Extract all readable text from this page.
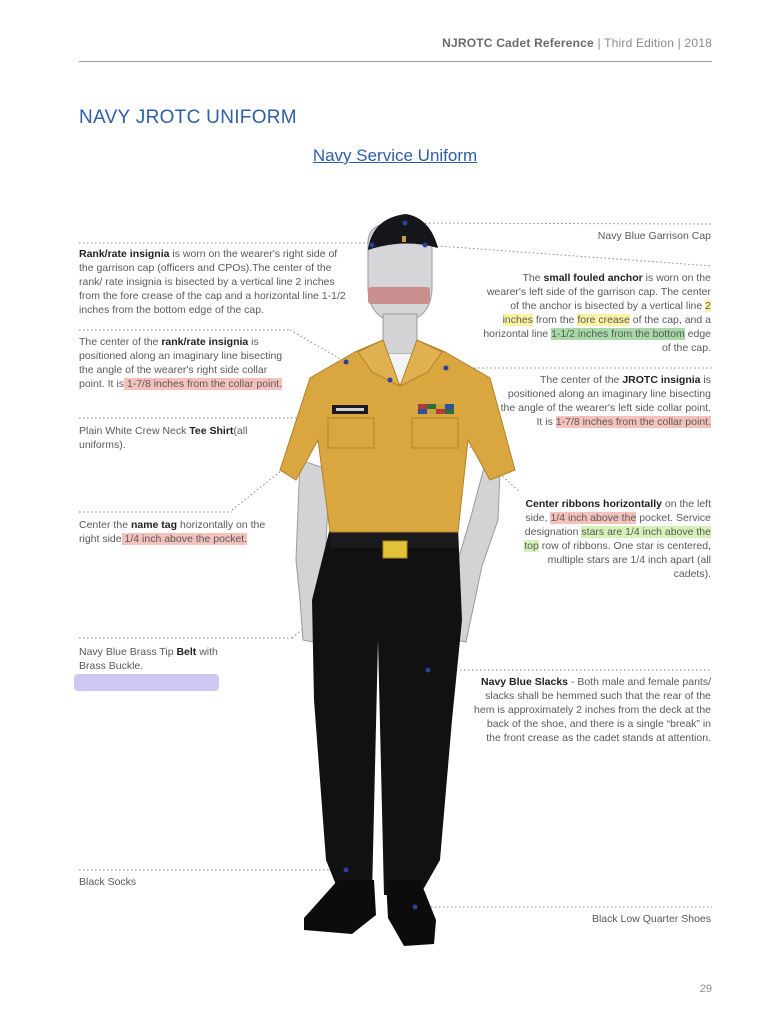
NJROTC Cadet Reference | Third Edition | 2018
NAVY JROTC UNIFORM
Navy Service Uniform
Navy Blue Garrison Cap
Rank/rate insignia is worn on the wearer's right side of the garrison cap (officers and CPOs).The center of the rank/ rate insignia is bisected by a vertical line 2 inches from the fore crease of the cap and a horizontal line 1-1/2 inches from the bottom edge of the cap.
The small fouled anchor is worn on the wearer's left side of the garrison cap. The center of the anchor is bisected by a vertical line 2 inches from the fore crease of the cap, and a horizontal line 1-1/2 inches from the bottom edge of the cap.
The center of the rank/rate insignia is positioned along an imaginary line bisecting the angle of the wearer's right side collar point. It is 1-7/8 inches from the collar point.	The center of the JROTC insignia is positioned along an imaginary line bisecting the angle of the wearer's left side collar point. It is 1-7/8 inches from the collar point.
Plain White Crew Neck Tee Shirt(all uniforms).
Center ribbons horizontally on the left side, 1/4 inch above the pocket. Service designation stars are 1/4 inch above the top row of ribbons. One star is centered, multiple stars are 1/4 inch apart (all cadets).
Center the name tag horizontally on the right side 1/4 inch above the pocket.
Navy Blue Brass Tip Belt with Brass Buckle.
Navy Blue Slacks - Both male and female pants/ slacks shall be hemmed such that the rear of the hem is approximately 2 inches from the deck at the back of the shoe, and there is a single “break” in the front crease as the cadet stands at attention.
Black Socks
Black Low Quarter Shoes
29
